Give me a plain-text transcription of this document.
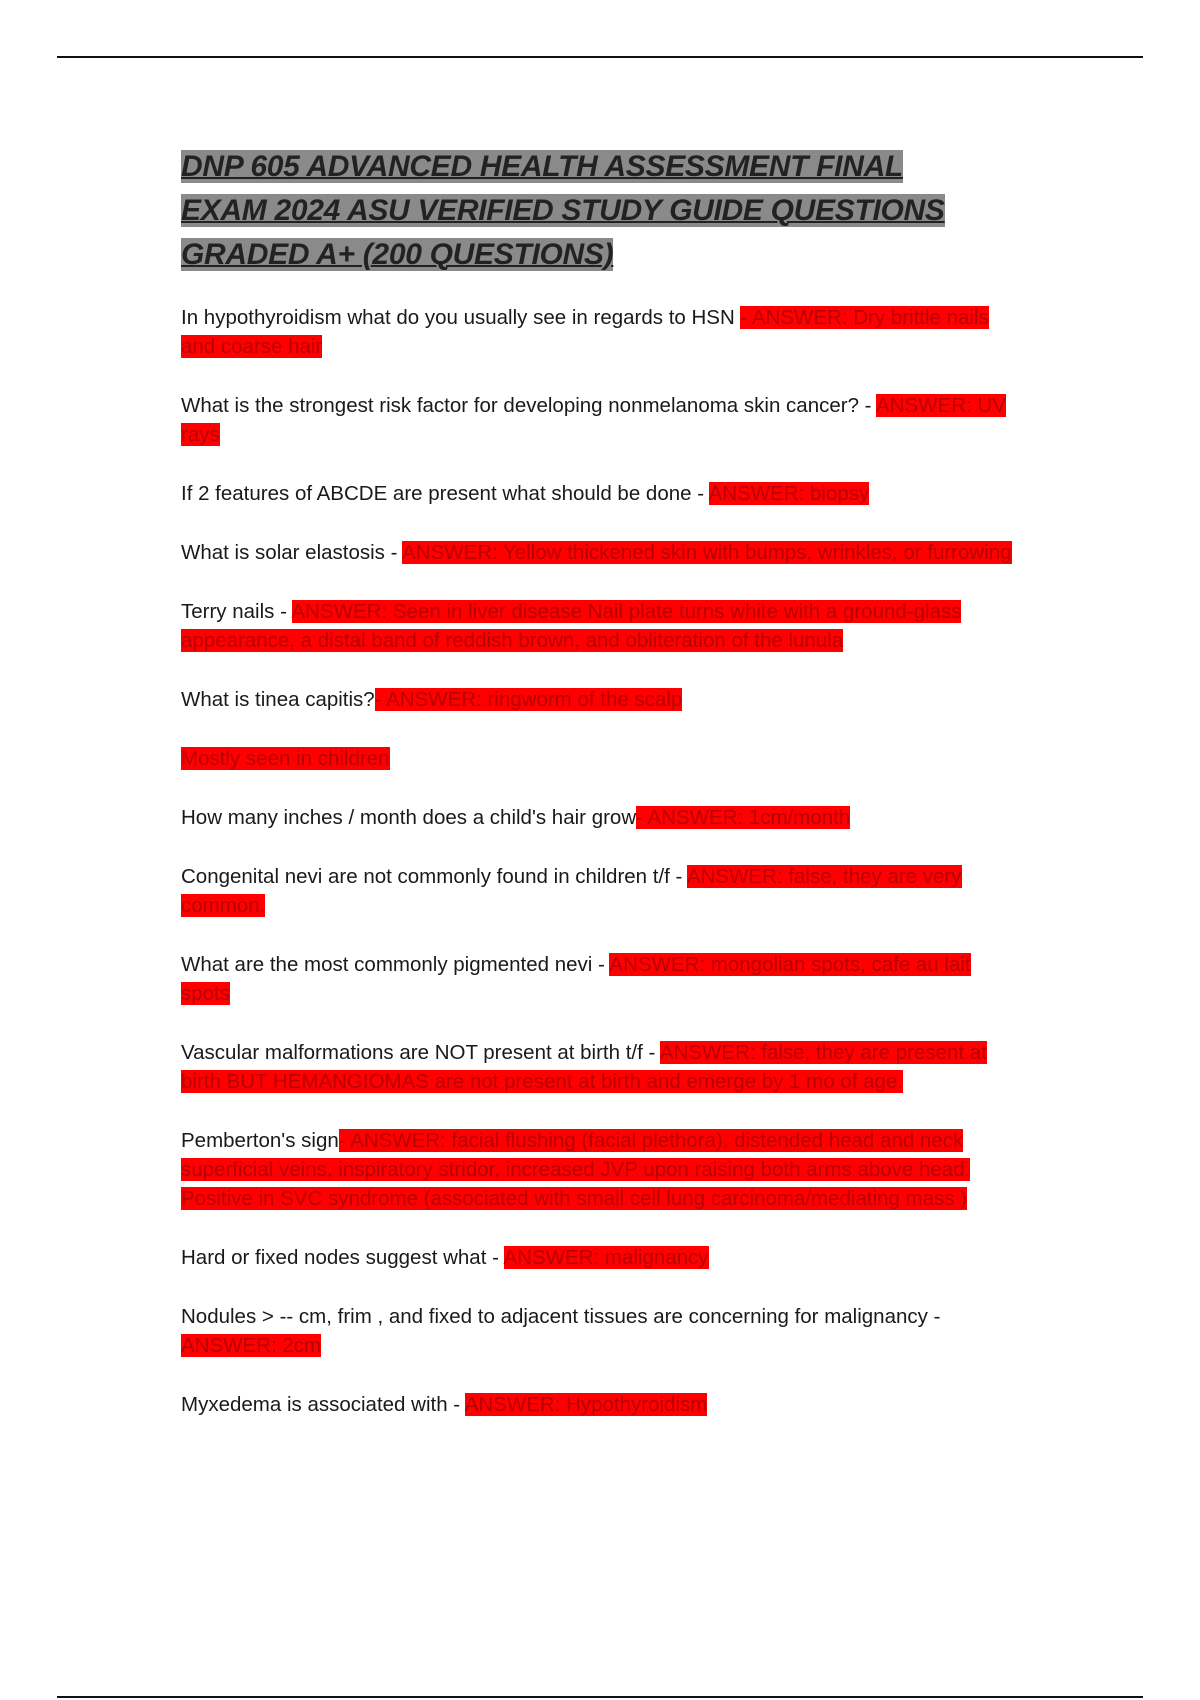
DNP 605 ADVANCED HEALTH ASSESSMENT FINAL
EXAM 2024 ASU VERIFIED STUDY GUIDE QUESTIONS
GRADED A+ (200 QUESTIONS)

In hypothyroidism what do you usually see in regards to HSN - ANSWER: Dry brittle nails and coarse hair

What is the strongest risk factor for developing nonmelanoma skin cancer? - ANSWER: UV rays

If 2 features of ABCDE are present what should be done - ANSWER: biopsy

What is solar elastosis - ANSWER: Yellow thickened skin with bumps, wrinkles, or furrowing

Terry nails - ANSWER: Seen in liver disease Nail plate turns white with a ground-glass appearance, a distal band of reddish brown, and obliteration of the lunula

What is tinea capitis?- ANSWER: ringworm of the scalp

Mostly seen in children

How many inches / month does a child's hair grow- ANSWER: 1cm/month

Congenital nevi are not commonly found in children t/f - ANSWER: false, they are very common.

What are the most commonly pigmented nevi - ANSWER: mongolian spots, cafe au lait spots

Vascular malformations are NOT present at birth t/f - ANSWER: false, they are present at birth BUT HEMANGIOMAS are not present at birth and emerge by 1 mo of age.

Pemberton's sign- ANSWER: facial flushing (facial plethora), distended head and neck superficial veins, inspiratory stridor, increased JVP upon raising both arms above head. Positive in SVC syndrome (associated with small cell lung carcinoma/mediating mass )

Hard or fixed nodes suggest what - ANSWER: malignancy

Nodules > -- cm, frim , and fixed to adjacent tissues are concerning for malignancy - ANSWER: 2cm

Myxedema is associated with - ANSWER: Hypothyroidism
